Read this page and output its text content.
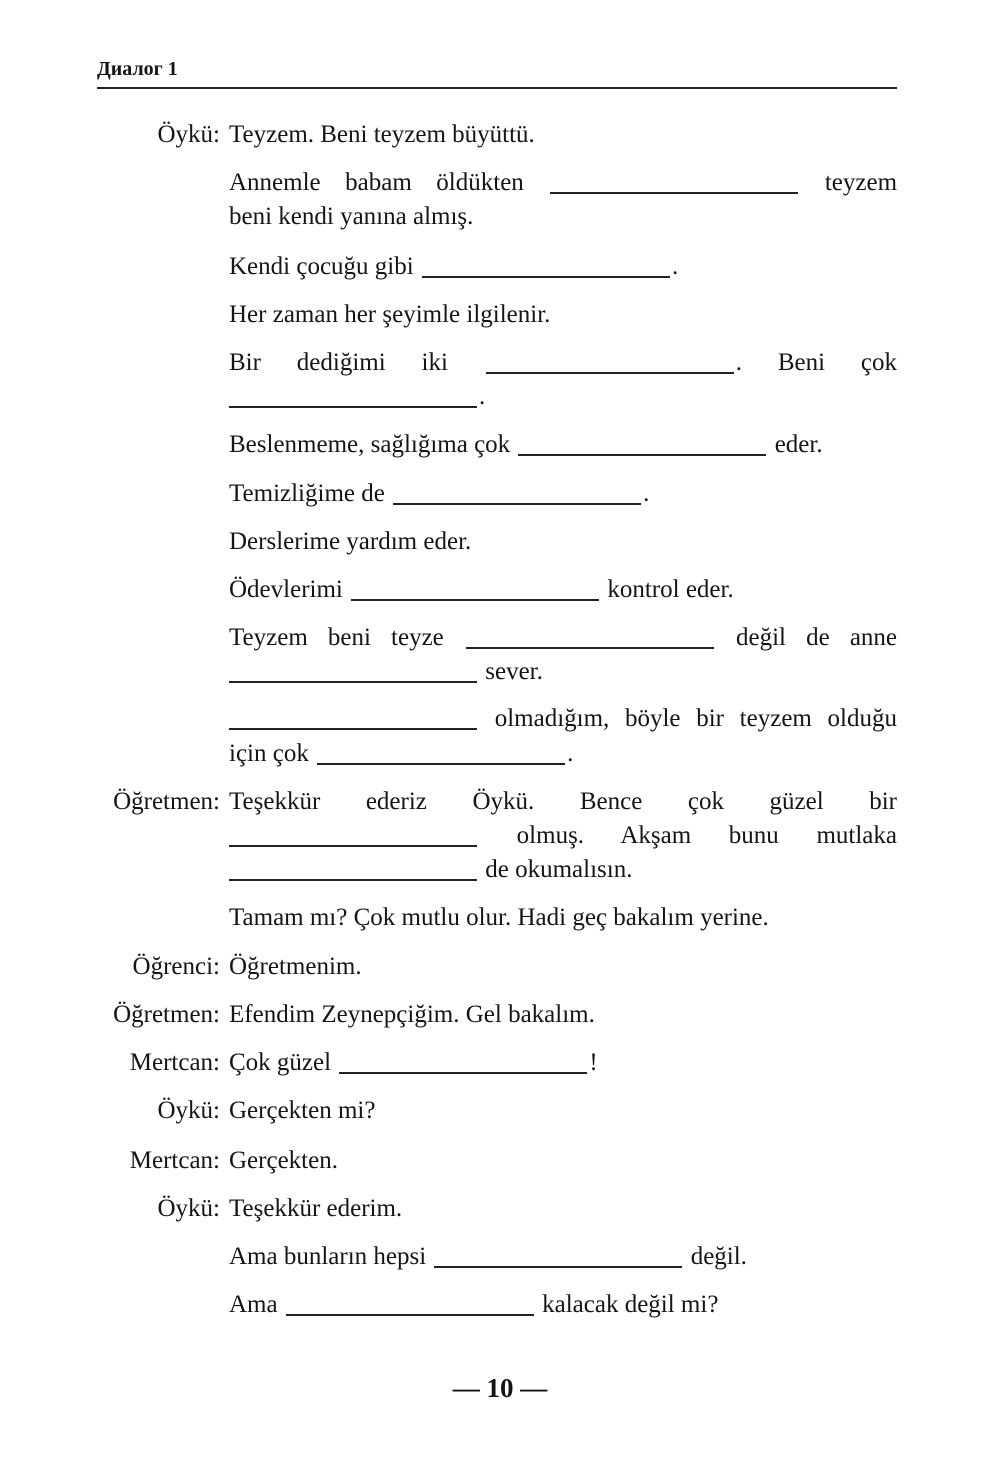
Диалог 1
Öykü: Teyzem. Beni teyzem büyüttü.
Annemle babam öldükten	teyzem
beni kendi yanına almış.
Kendi çocuğu gibi	.
Her zaman her şeyimle ilgilenir.
Bir dediğimi iki	. Beni çok
.
Beslenmeme, sağlığıma çok	eder.
Temizliğime de	.
Derslerime yardım eder.
Ödevlerimi	kontrol eder.
Teyzem beni teyze	değil de anne
sever.
olmadığım, böyle bir teyzem olduğu
için çok	.
Öğretmen: Teşekkür ederiz Öykü. Bence çok güzel bir
olmuş. Akşam bunu mutlaka
de okumalısın.
Tamam mı? Çok mutlu olur. Hadi geç bakalım yerine.
Öğrenci: Öğretmenim.
Öğretmen: Efendim Zeynepçiğim. Gel bakalım.
Mertcan: Çok güzel	!
Öykü: Gerçekten mi?
Mertcan: Gerçekten.
Öykü: Teşekkür ederim.
Ama bunların hepsi	değil.
Ama	kalacak değil mi?
— 10 —
